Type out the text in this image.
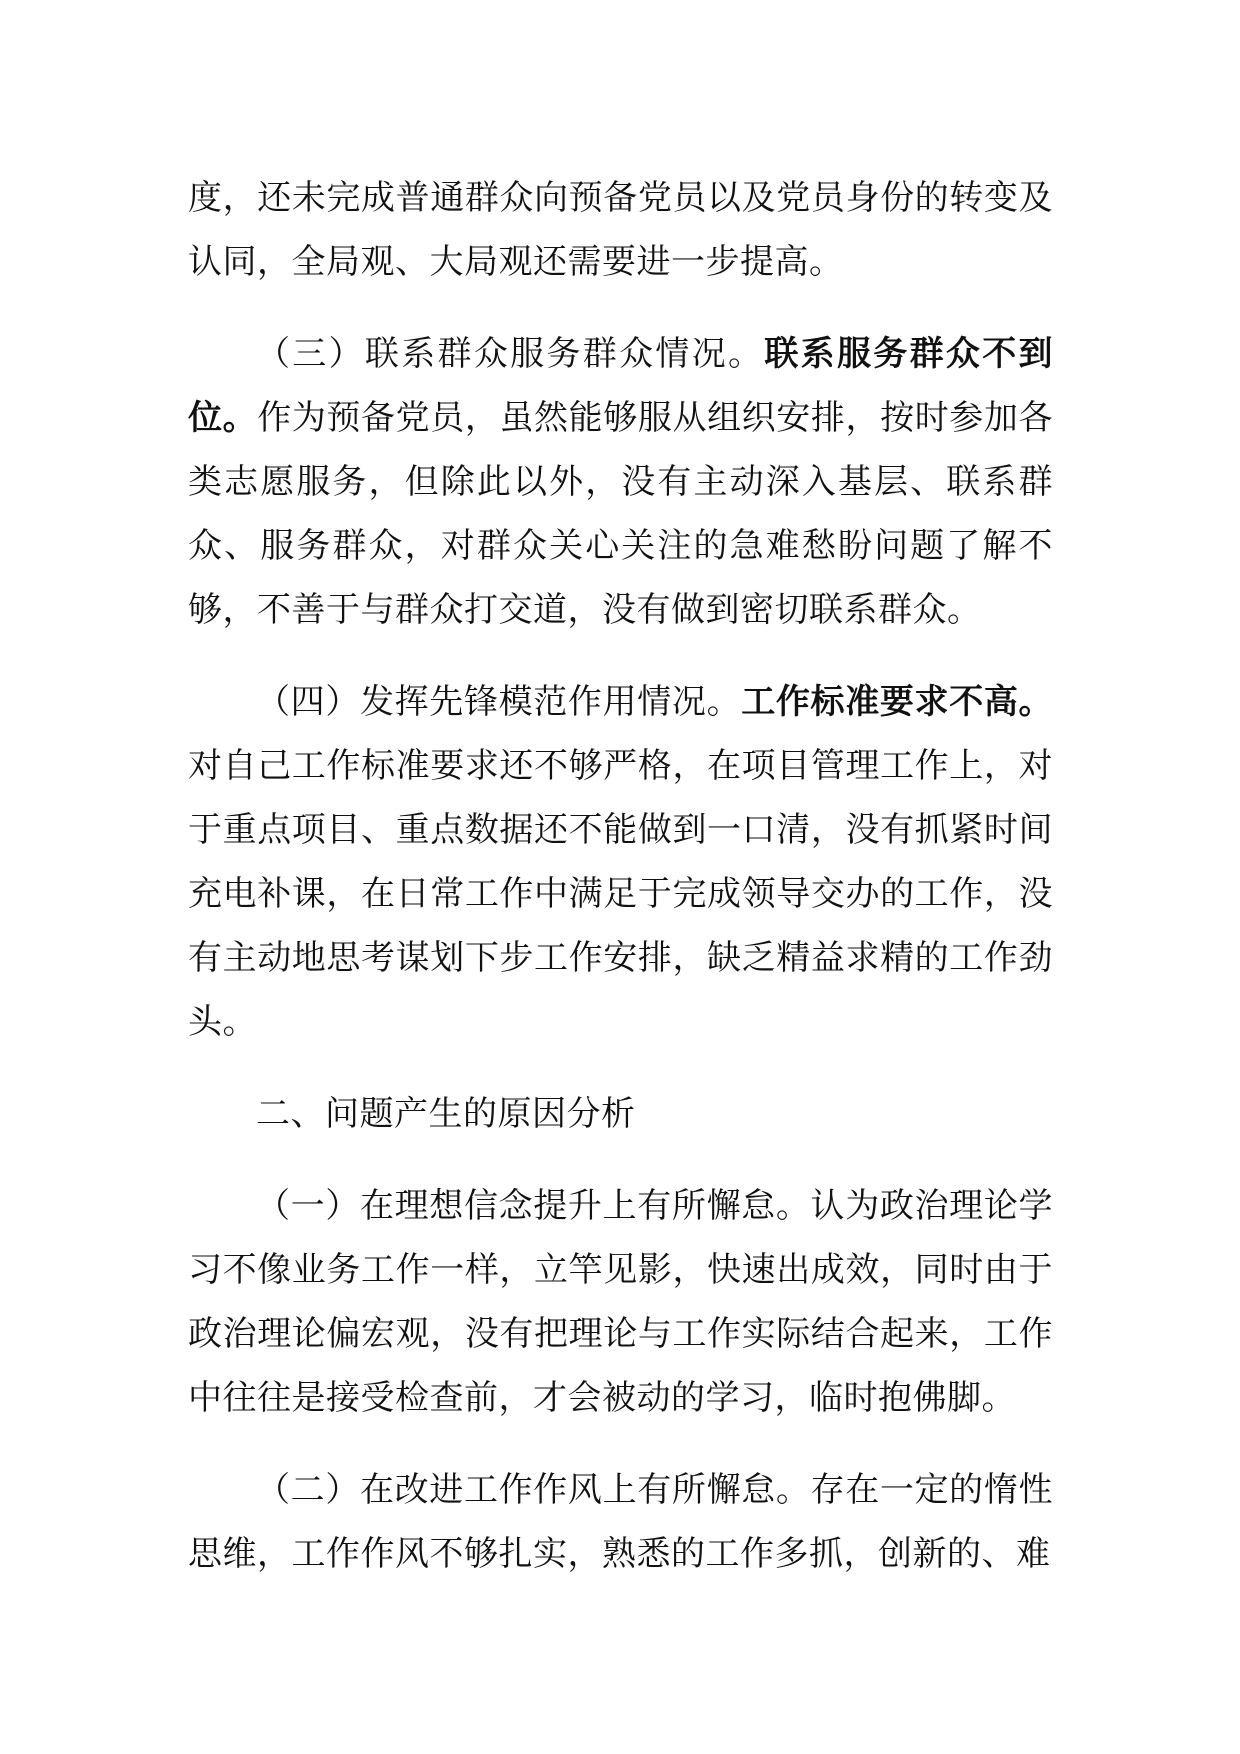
度，还未完成普通群众向预备党员以及党员身份的转变及认同，全局观、大局观还需要进一步提高。

（三）联系群众服务群众情况。联系服务群众不到位。作为预备党员，虽然能够服从组织安排，按时参加各类志愿服务，但除此以外，没有主动深入基层、联系群众、服务群众，对群众关心关注的急难愁盼问题了解不够，不善于与群众打交道，没有做到密切联系群众。

（四）发挥先锋模范作用情况。工作标准要求不高。对自己工作标准要求还不够严格，在项目管理工作上，对于重点项目、重点数据还不能做到一口清，没有抓紧时间充电补课，在日常工作中满足于完成领导交办的工作，没有主动地思考谋划下步工作安排，缺乏精益求精的工作劲头。

二、问题产生的原因分析

（一）在理想信念提升上有所懈怠。认为政治理论学习不像业务工作一样，立竿见影，快速出成效，同时由于政治理论偏宏观，没有把理论与工作实际结合起来，工作中往往是接受检查前，才会被动的学习，临时抱佛脚。

（二）在改进工作作风上有所懈怠。存在一定的惰性思维，工作作风不够扎实，熟悉的工作多抓，创新的、难
